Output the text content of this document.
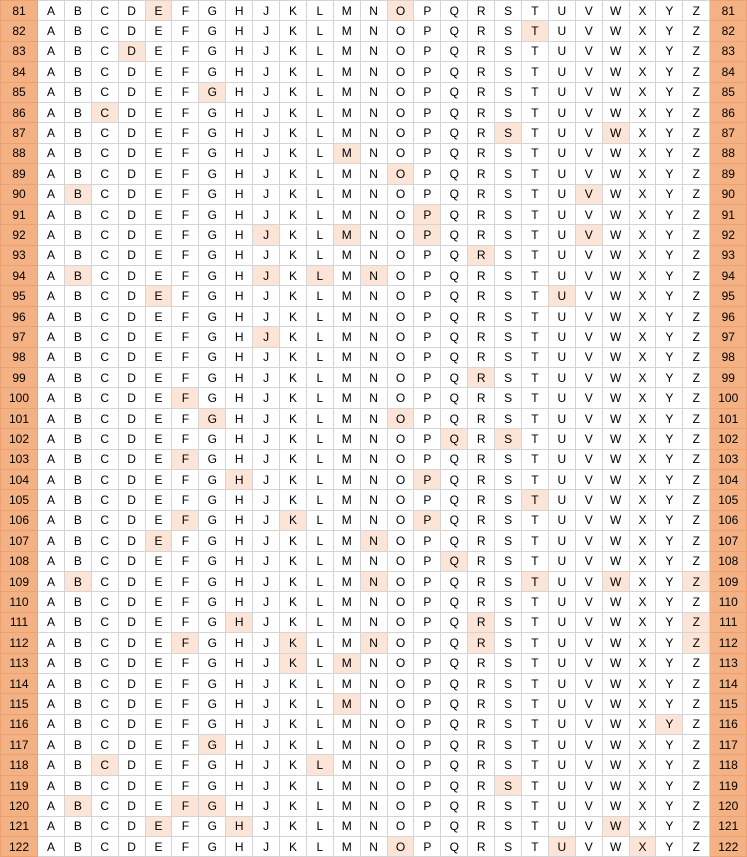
81	A	B	C	D	E	F	G	H	J	K	L	M	N	O	P	Q	R	S	T	U	V	W	X	Y	Z	81
82	A	B	C	D	E	F	G	H	J	K	L	M	N	O	P	Q	R	S	T	U	V	W	X	Y	Z	82
83	A	B	C	D	E	F	G	H	J	K	L	M	N	O	P	Q	R	S	T	U	V	W	X	Y	Z	83
84	A	B	C	D	E	F	G	H	J	K	L	M	N	O	P	Q	R	S	T	U	V	W	X	Y	Z	84
85	A	B	C	D	E	F	G	H	J	K	L	M	N	O	P	Q	R	S	T	U	V	W	X	Y	Z	85
86	A	B	C	D	E	F	G	H	J	K	L	M	N	O	P	Q	R	S	T	U	V	W	X	Y	Z	86
87	A	B	C	D	E	F	G	H	J	K	L	M	N	O	P	Q	R	S	T	U	V	W	X	Y	Z	87
88	A	B	C	D	E	F	G	H	J	K	L	M	N	O	P	Q	R	S	T	U	V	W	X	Y	Z	88
89	A	B	C	D	E	F	G	H	J	K	L	M	N	O	P	Q	R	S	T	U	V	W	X	Y	Z	89
90	A	B	C	D	E	F	G	H	J	K	L	M	N	O	P	Q	R	S	T	U	V	W	X	Y	Z	90
91	A	B	C	D	E	F	G	H	J	K	L	M	N	O	P	Q	R	S	T	U	V	W	X	Y	Z	91
92	A	B	C	D	E	F	G	H	J	K	L	M	N	O	P	Q	R	S	T	U	V	W	X	Y	Z	92
93	A	B	C	D	E	F	G	H	J	K	L	M	N	O	P	Q	R	S	T	U	V	W	X	Y	Z	93
94	A	B	C	D	E	F	G	H	J	K	L	M	N	O	P	Q	R	S	T	U	V	W	X	Y	Z	94
95	A	B	C	D	E	F	G	H	J	K	L	M	N	O	P	Q	R	S	T	U	V	W	X	Y	Z	95
96	A	B	C	D	E	F	G	H	J	K	L	M	N	O	P	Q	R	S	T	U	V	W	X	Y	Z	96
97	A	B	C	D	E	F	G	H	J	K	L	M	N	O	P	Q	R	S	T	U	V	W	X	Y	Z	97
98	A	B	C	D	E	F	G	H	J	K	L	M	N	O	P	Q	R	S	T	U	V	W	X	Y	Z	98
99	A	B	C	D	E	F	G	H	J	K	L	M	N	O	P	Q	R	S	T	U	V	W	X	Y	Z	99
100	A	B	C	D	E	F	G	H	J	K	L	M	N	O	P	Q	R	S	T	U	V	W	X	Y	Z	100
101	A	B	C	D	E	F	G	H	J	K	L	M	N	O	P	Q	R	S	T	U	V	W	X	Y	Z	101
102	A	B	C	D	E	F	G	H	J	K	L	M	N	O	P	Q	R	S	T	U	V	W	X	Y	Z	102
103	A	B	C	D	E	F	G	H	J	K	L	M	N	O	P	Q	R	S	T	U	V	W	X	Y	Z	103
104	A	B	C	D	E	F	G	H	J	K	L	M	N	O	P	Q	R	S	T	U	V	W	X	Y	Z	104
105	A	B	C	D	E	F	G	H	J	K	L	M	N	O	P	Q	R	S	T	U	V	W	X	Y	Z	105
106	A	B	C	D	E	F	G	H	J	K	L	M	N	O	P	Q	R	S	T	U	V	W	X	Y	Z	106
107	A	B	C	D	E	F	G	H	J	K	L	M	N	O	P	Q	R	S	T	U	V	W	X	Y	Z	107
108	A	B	C	D	E	F	G	H	J	K	L	M	N	O	P	Q	R	S	T	U	V	W	X	Y	Z	108
109	A	B	C	D	E	F	G	H	J	K	L	M	N	O	P	Q	R	S	T	U	V	W	X	Y	Z	109
110	A	B	C	D	E	F	G	H	J	K	L	M	N	O	P	Q	R	S	T	U	V	W	X	Y	Z	110
111	A	B	C	D	E	F	G	H	J	K	L	M	N	O	P	Q	R	S	T	U	V	W	X	Y	Z	111
112	A	B	C	D	E	F	G	H	J	K	L	M	N	O	P	Q	R	S	T	U	V	W	X	Y	Z	112
113	A	B	C	D	E	F	G	H	J	K	L	M	N	O	P	Q	R	S	T	U	V	W	X	Y	Z	113
114	A	B	C	D	E	F	G	H	J	K	L	M	N	O	P	Q	R	S	T	U	V	W	X	Y	Z	114
115	A	B	C	D	E	F	G	H	J	K	L	M	N	O	P	Q	R	S	T	U	V	W	X	Y	Z	115
116	A	B	C	D	E	F	G	H	J	K	L	M	N	O	P	Q	R	S	T	U	V	W	X	Y	Z	116
117	A	B	C	D	E	F	G	H	J	K	L	M	N	O	P	Q	R	S	T	U	V	W	X	Y	Z	117
118	A	B	C	D	E	F	G	H	J	K	L	M	N	O	P	Q	R	S	T	U	V	W	X	Y	Z	118
119	A	B	C	D	E	F	G	H	J	K	L	M	N	O	P	Q	R	S	T	U	V	W	X	Y	Z	119
120	A	B	C	D	E	F	G	H	J	K	L	M	N	O	P	Q	R	S	T	U	V	W	X	Y	Z	120
121	A	B	C	D	E	F	G	H	J	K	L	M	N	O	P	Q	R	S	T	U	V	W	X	Y	Z	121
122	A	B	C	D	E	F	G	H	J	K	L	M	N	O	P	Q	R	S	T	U	V	W	X	Y	Z	122
